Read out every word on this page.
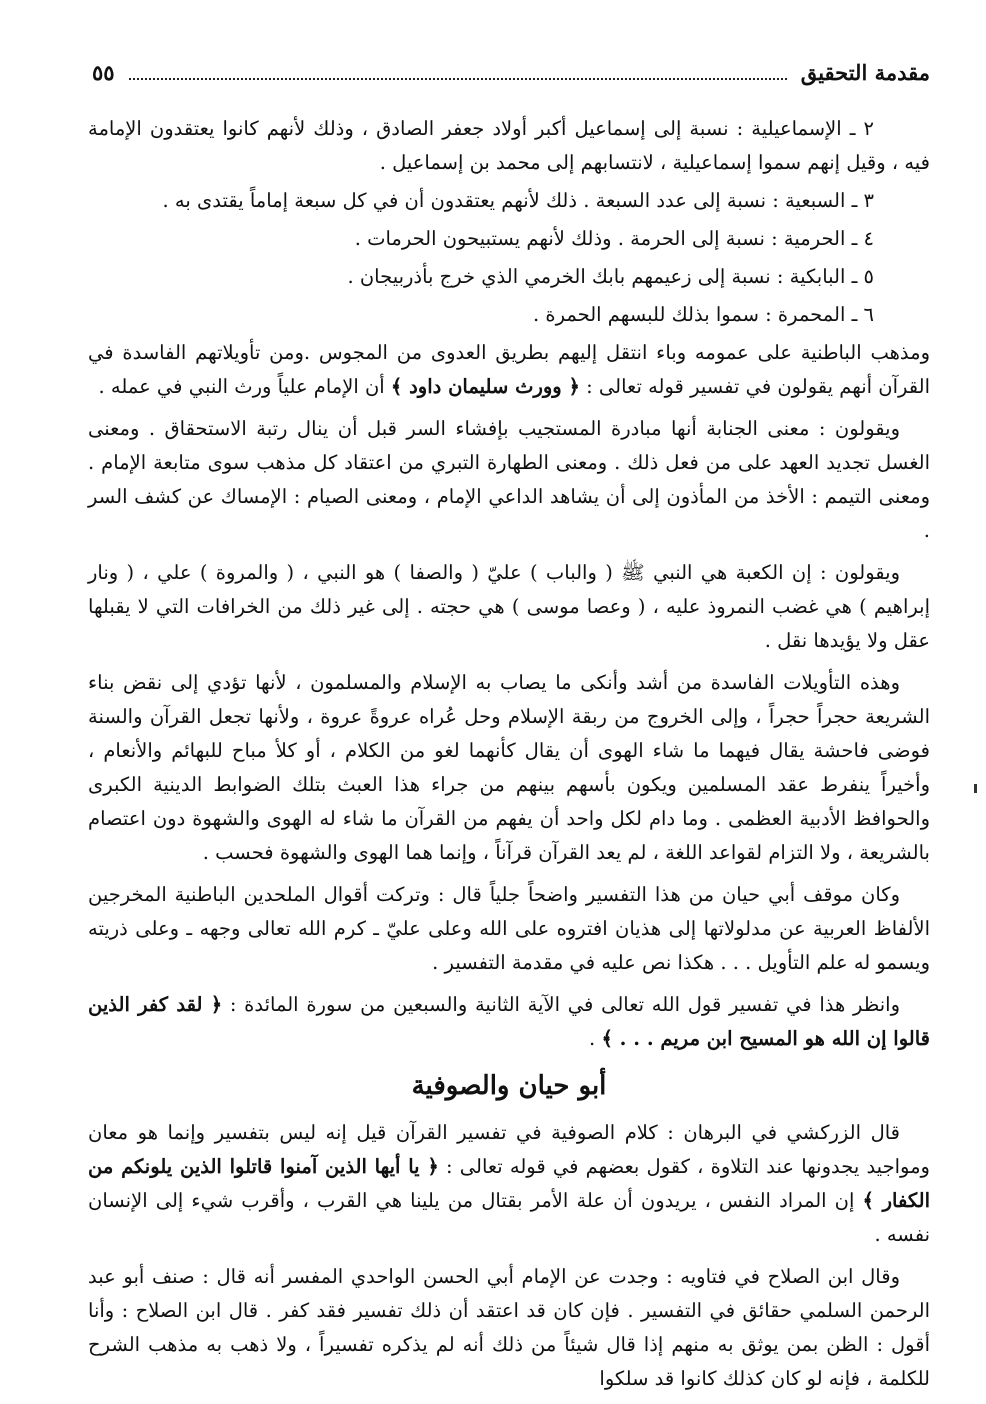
مقدمة التحقيق
٥٥

٢ ـ الإسماعيلية : نسبة إلى إسماعيل أكبر أولاد جعفر الصادق ، وذلك لأنهم كانوا يعتقدون الإمامة فيه ، وقيل إنهم سموا إسماعيلية ، لانتسابهم إلى محمد بن إسماعيل .

٣ ـ السبعية : نسبة إلى عدد السبعة . ذلك لأنهم يعتقدون أن في كل سبعة إماماً يقتدى به .

٤ ـ الحرمية : نسبة إلى الحرمة . وذلك لأنهم يستبيحون الحرمات .

٥ ـ البابكية : نسبة إلى زعيمهم بابك الخرمي الذي خرج بأذربيجان .

٦ ـ المحمرة : سموا بذلك للبسهم الحمرة .

ومذهب الباطنية على عمومه وباء انتقل إليهم بطريق العدوى من المجوس .ومن تأويلاتهم الفاسدة في القرآن أنهم يقولون في تفسير قوله تعالى : ﴿ وورث سليمان داود ﴾ أن الإمام علياً ورث النبي في عمله .

ويقولون : معنى الجنابة أنها مبادرة المستجيب بإفشاء السر قبل أن ينال رتبة الاستحقاق . ومعنى الغسل تجديد العهد على من فعل ذلك . ومعنى الطهارة التبري من اعتقاد كل مذهب سوى متابعة الإمام . ومعنى التيمم : الأخذ من المأذون إلى أن يشاهد الداعي الإمام ، ومعنى الصيام : الإمساك عن كشف السر .

ويقولون : إن الكعبة هي النبي ﷺ ( والباب ) عليّ ( والصفا ) هو النبي ، ( والمروة ) علي ، ( ونار إبراهيم ) هي غضب النمروذ عليه ، ( وعصا موسى ) هي حجته . إلى غير ذلك من الخرافات التي لا يقبلها عقل ولا يؤيدها نقل .

وهذه التأويلات الفاسدة من أشد وأنكى ما يصاب به الإسلام والمسلمون ، لأنها تؤدي إلى نقض بناء الشريعة حجراً حجراً ، وإلى الخروج من ربقة الإسلام وحل عُراه عروةً عروة ، ولأنها تجعل القرآن والسنة فوضى فاحشة يقال فيهما ما شاء الهوى أن يقال كأنهما لغو من الكلام ، أو كلأ مباح للبهائم والأنعام ، وأخيراً ينفرط عقد المسلمين ويكون بأسهم بينهم من جراء هذا العبث بتلك الضوابط الدينية الكبرى والحوافظ الأدبية العظمى . وما دام لكل واحد أن يفهم من القرآن ما شاء له الهوى والشهوة دون اعتصام بالشريعة ، ولا التزام لقواعد اللغة ، لم يعد القرآن قرآناً ، وإنما هما الهوى والشهوة فحسب .

وكان موقف أبي حيان من هذا التفسير واضحاً جلياً قال : وتركت أقوال الملحدين الباطنية المخرجين الألفاظ العربية عن مدلولاتها إلى هذيان افتروه على الله وعلى عليّ ـ كرم الله تعالى وجهه ـ وعلى ذريته ويسمو له علم التأويل . . . هكذا نص عليه في مقدمة التفسير .

وانظر هذا في تفسير قول الله تعالى في الآية الثانية والسبعين من سورة المائدة : ﴿ لقد كفر الذين قالوا إن الله هو المسيح ابن مريم . . . ﴾ .

أبو حيان والصوفية

قال الزركشي في البرهان : كلام الصوفية في تفسير القرآن قيل إنه ليس بتفسير وإنما هو معان ومواجيد يجدونها عند التلاوة ، كقول بعضهم في قوله تعالى : ﴿ يا أيها الذين آمنوا قاتلوا الذين يلونكم من الكفار ﴾ إن المراد النفس ، يريدون أن علة الأمر بقتال من يلينا هي القرب ، وأقرب شيء إلى الإنسان نفسه .

وقال ابن الصلاح في فتاويه : وجدت عن الإمام أبي الحسن الواحدي المفسر أنه قال : صنف أبو عبد الرحمن السلمي حقائق في التفسير . فإن كان قد اعتقد أن ذلك تفسير فقد كفر . قال ابن الصلاح : وأنا أقول : الظن بمن يوثق به منهم إذا قال شيئاً من ذلك أنه لم يذكره تفسيراً ، ولا ذهب به مذهب الشرح للكلمة ، فإنه لو كان كذلك كانوا قد سلكوا
